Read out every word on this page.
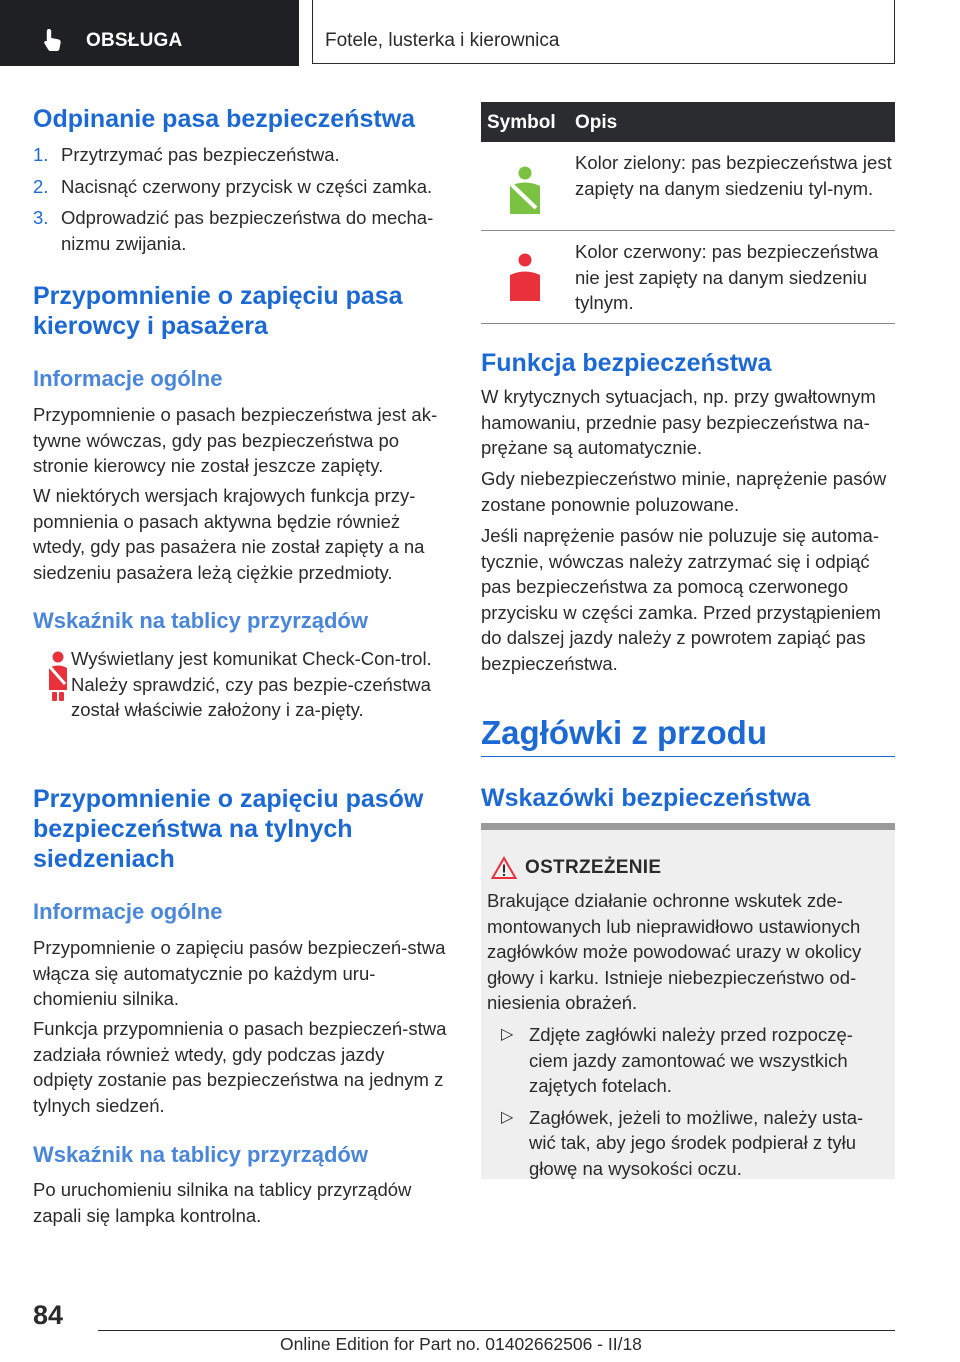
OBSŁUGA	Fotele, lusterka i kierownica
Odpinanie pasa bezpieczeństwa
1. Przytrzymać pas bezpieczeństwa.
2. Nacisnąć czerwony przycisk w części zamka.
3. Odprowadzić pas bezpieczeństwa do mecha-nizmu zwijania.
Przypomnienie o zapięciu pasa kierowcy i pasażera
Informacje ogólne

Przypomnienie o pasach bezpieczeństwa jest ak-tywne wówczas, gdy pas bezpieczeństwa po stronie kierowcy nie został jeszcze zapięty.

W niektórych wersjach krajowych funkcja przy-pomnienia o pasach aktywna będzie również wtedy, gdy pas pasażera nie został zapięty a na siedzeniu pasażera leżą ciężkie przedmioty.

Wskaźnik na tablicy przyrządów

Wyświetlany jest komunikat Check-Con-trol. Należy sprawdzić, czy pas bezpie-czeństwa został właściwie założony i za-pięty.

Przypomnienie o zapięciu pasów bezpieczeństwa na tylnych siedzeniach
Informacje ogólne

Przypomnienie o zapięciu pasów bezpieczeń-stwa włącza się automatycznie po każdym uru-chomieniu silnika.

Funkcja przypomnienia o pasach bezpieczeń-stwa zadziała również wtedy, gdy podczas jazdy odpięty zostanie pas bezpieczeństwa na jednym z tylnych siedzeń.

Wskaźnik na tablicy przyrządów

Po uruchomieniu silnika na tablicy przyrządów zapali się lampka kontrolna.

Symbol Opis
Kolor zielony: pas bezpieczeństwa jest zapięty na danym siedzeniu tyl-nym.
Kolor czerwony: pas bezpieczeństwa nie jest zapięty na danym siedzeniu tylnym.
Funkcja bezpieczeństwa

W krytycznych sytuacjach, np. przy gwałtownym hamowaniu, przednie pasy bezpieczeństwa na-prężane są automatycznie.

Gdy niebezpieczeństwo minie, naprężenie pasów zostane ponownie poluzowane.

Jeśli naprężenie pasów nie poluzuje się automa-tycznie, wówczas należy zatrzymać się i odpiąć pas bezpieczeństwa za pomocą czerwonego przycisku w części zamka. Przed przystąpieniem do dalszej jazdy należy z powrotem zapiąć pas bezpieczeństwa.

Wskazówki bezpieczeństwa
Zagłówki z przodu
OSTRZEŻENIE

Brakujące działanie ochronne wskutek zde-montowanych lub nieprawidłowo ustawionych zagłówków może powodować urazy w okolicy głowy i karku. Istnieje niebezpieczeństwo od-niesienia obrażeń.

▷ Zdjęte zagłówki należy przed rozpoczę-ciem jazdy zamontować we wszystkich zajętych fotelach.
▷ Zagłówek, jeżeli to możliwe, należy usta-wić tak, aby jego środek podpierał z tyłu głowę na wysokości oczu.
84
Online Edition for Part no. 01402662506 - II/18
